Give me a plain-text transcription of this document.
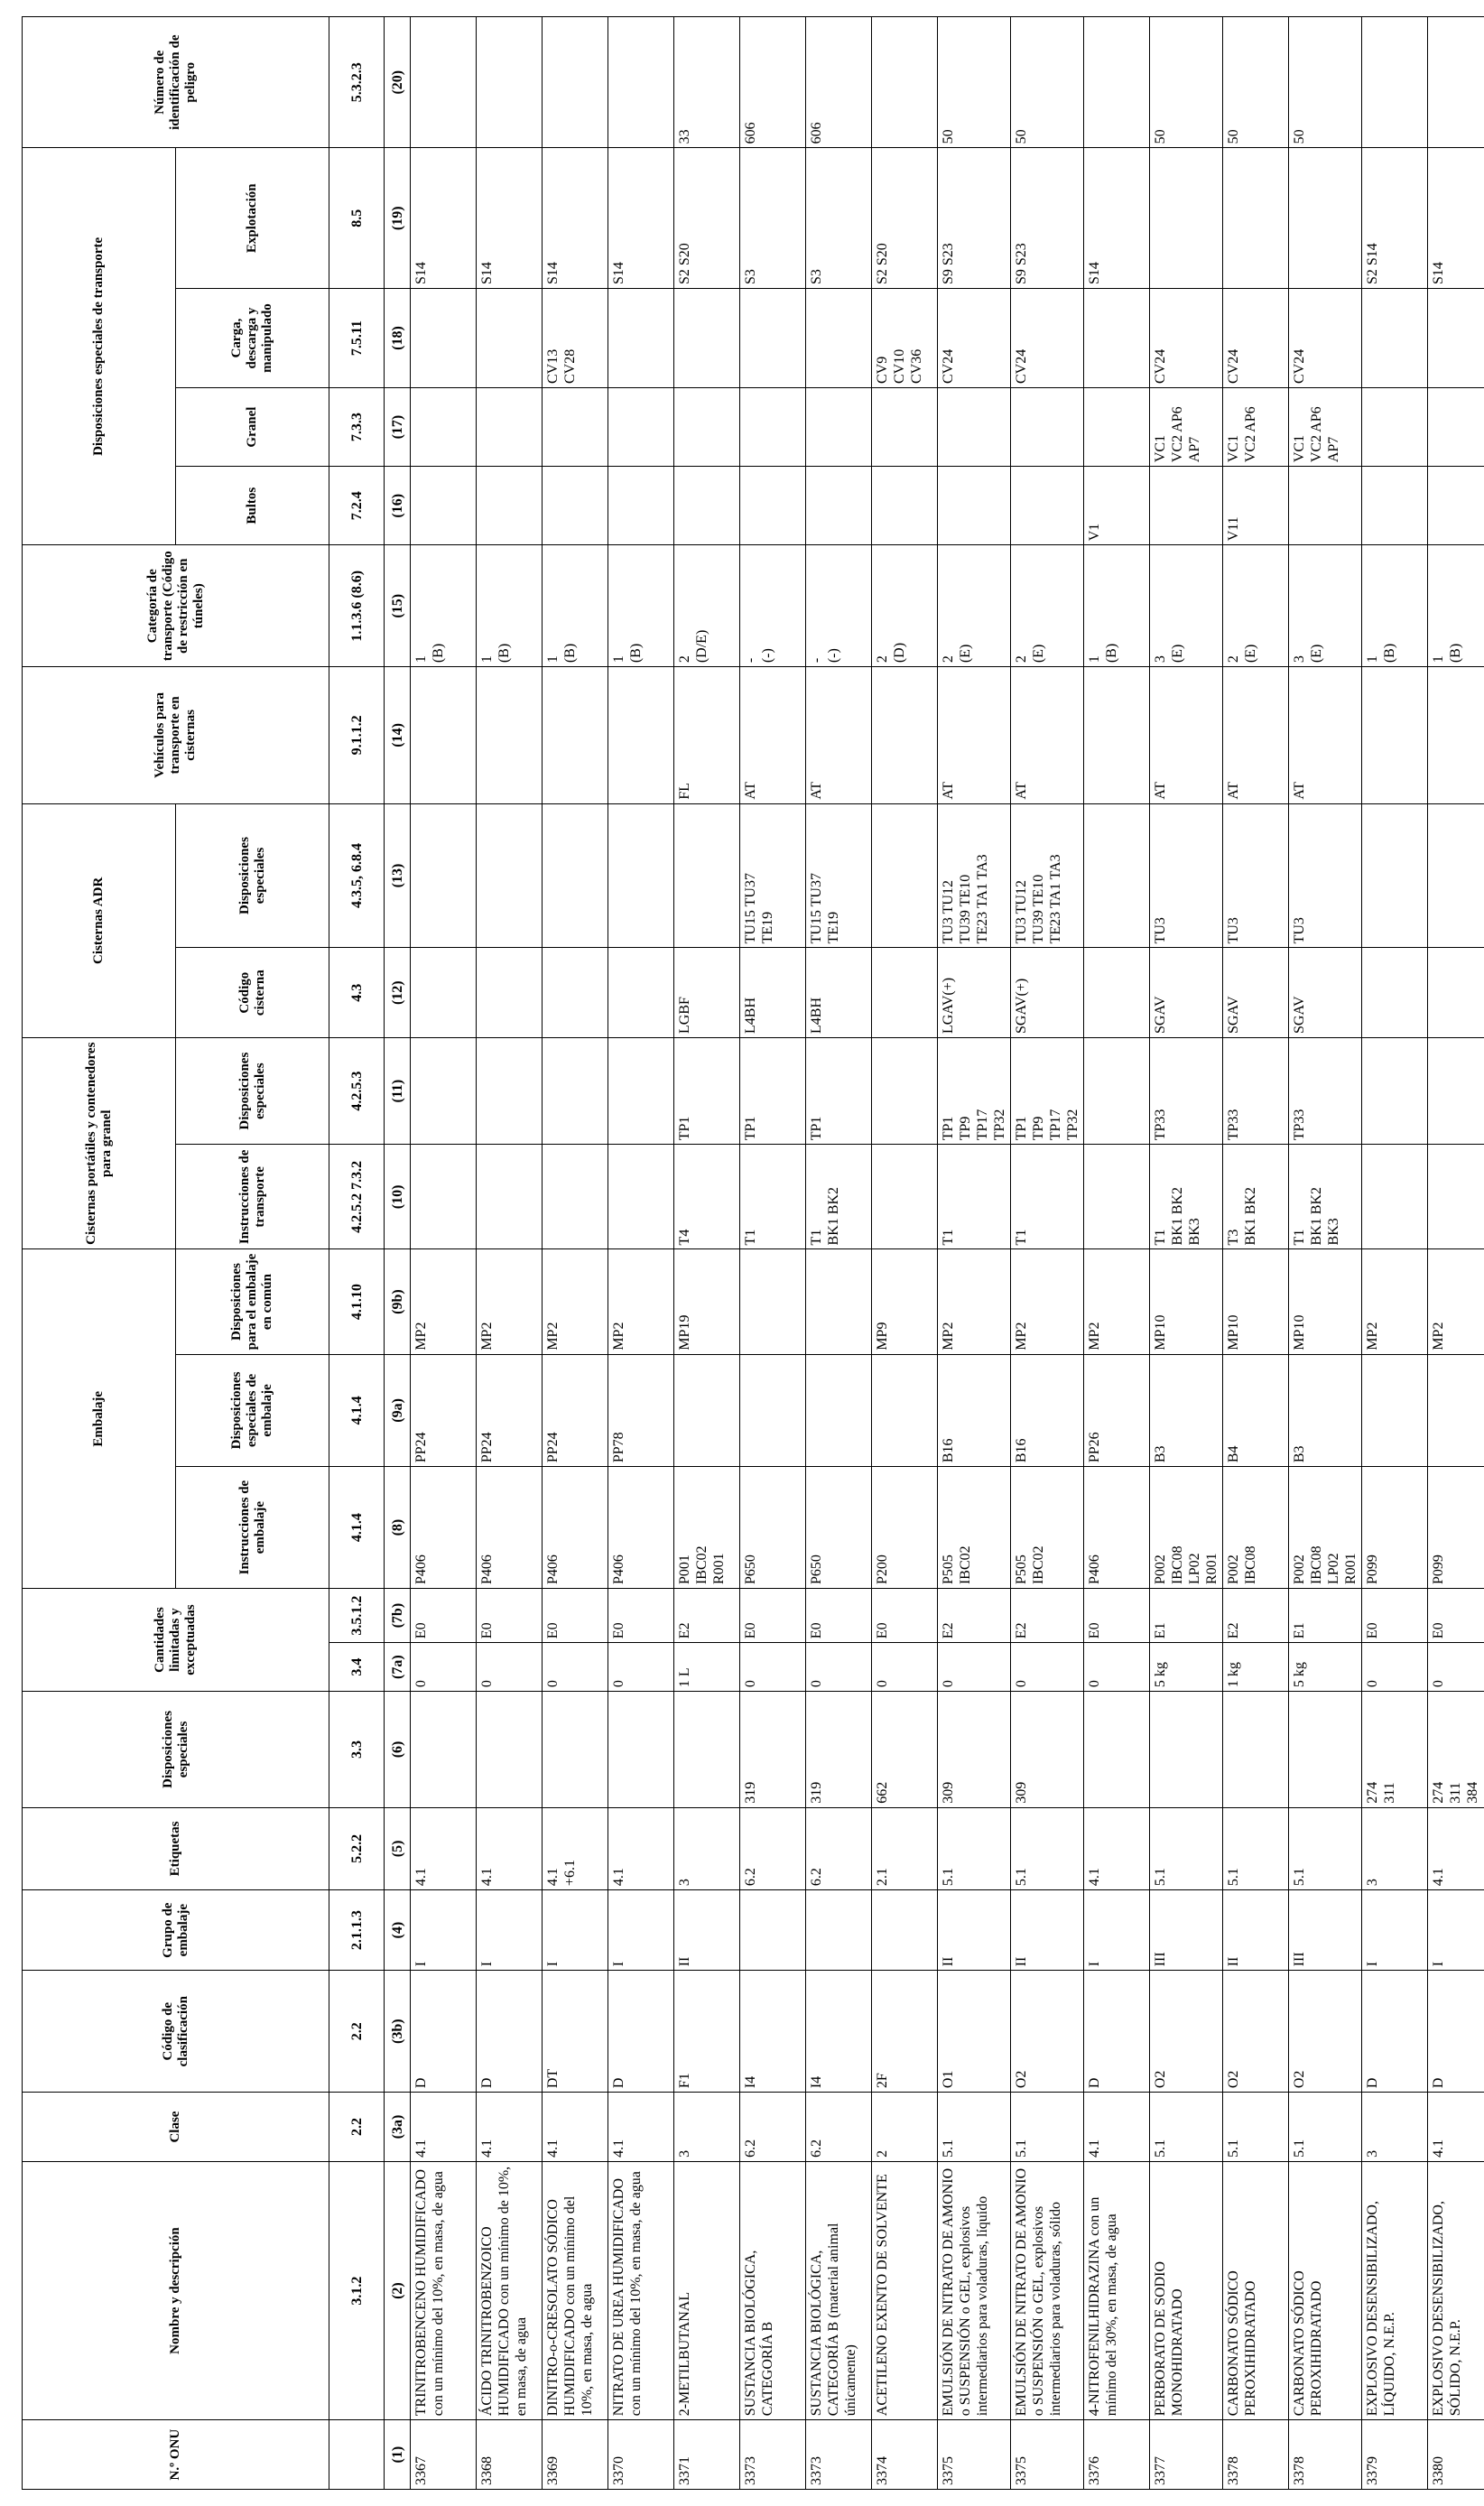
N.º ONU	Nombre y descripción	Clase	Código de clasificación	Grupo de embalaje	Etiquetas	Disposiciones especiales	Cantidades limitadas y exceptuadas		Embalaje			Cisternas portátiles y contenedores para granel		Cisternas ADR		Vehículos para transporte en cisternas	Categoría de transporte (Código de restricción en túneles)	Disposiciones especiales de transporte				Número de identificación de peligro
									Instrucciones de embalaje	Disposiciones especiales de embalaje	Disposiciones para el embalaje en común	Instrucciones de transporte	Disposiciones especiales	Código cisterna	Disposiciones especiales			Bultos	Granel	Carga, descarga y manipulado	Explotación	
	3.1.2	2.2	2.2	2.1.1.3	5.2.2	3.3	3.4	3.5.1.2	4.1.4	4.1.4	4.1.10	4.2.5.2 7.3.2	4.2.5.3	4.3	4.3.5, 6.8.4	9.1.1.2	1.1.3.6 (8.6)	7.2.4	7.3.3	7.5.11	8.5	5.3.2.3
(1)	(2)	(3a)	(3b)	(4)	(5)	(6)	(7a)	(7b)	(8)	(9a)	(9b)	(10)	(11)	(12)	(13)	(14)	(15)	(16)	(17)	(18)	(19)	(20)
3367	TRINITROBENCENO HUMIDIFICADO con un mínimo del 10%, en masa, de agua	4.1	D	I	4.1		0	E0	P406	PP24	MP2						1 (B)				S14	
3368	ÁCIDO TRINITROBENZOICO HUMIDIFICADO con un mínimo de 10%, en masa, de agua	4.1	D	I	4.1		0	E0	P406	PP24	MP2						1 (B)				S14	
3369	DINITRO-o-CRESOLATO SÓDICO HUMIDIFICADO con un mínimo del 10%, en masa, de agua	4.1	DT	I	4.1 +6.1		0	E0	P406	PP24	MP2						1 (B)			CV13 CV28	S14	
3370	NITRATO DE UREA HUMIDIFICADO con un mínimo del 10%, en masa, de agua	4.1	D	I	4.1		0	E0	P406	PP78	MP2						1 (B)				S14	
3371	2-METILBUTANAL	3	F1	II	3		1 L	E2	P001 IBC02 R001		MP19	T4	TP1	LGBF		FL	2 (D/E)				S2 S20	33
3373	SUSTANCIA BIOLÓGICA, CATEGORÍA B	6.2	I4		6.2	319	0	E0	P650			T1	TP1	L4BH	TU15 TU37 TE19	AT	- (-)				S3	606
3373	SUSTANCIA BIOLÓGICA, CATEGORÍA B (material animal únicamente)	6.2	I4		6.2	319	0	E0	P650			T1 BK1 BK2	TP1	L4BH	TU15 TU37 TE19	AT	- (-)				S3	606
3374	ACETILENO EXENTO DE SOLVENTE	2	2F		2.1	662	0	E0	P200		MP9						2 (D)			CV9 CV10 CV36	S2 S20	
3375	EMULSIÓN DE NITRATO DE AMONIO o SUSPENSIÓN o GEL, explosivos intermediarios para voladuras, líquido	5.1	O1	II	5.1	309	0	E2	P505 IBC02	B16	MP2	T1	TP1 TP9 TP17 TP32	LGAV(+)	TU3 TU12 TU39 TE10 TE23 TA1 TA3	AT	2 (E)			CV24	S9 S23	50
3375	EMULSIÓN DE NITRATO DE AMONIO o SUSPENSIÓN o GEL, explosivos intermediarios para voladuras, sólido	5.1	O2	II	5.1	309	0	E2	P505 IBC02	B16	MP2	T1	TP1 TP9 TP17 TP32	SGAV(+)	TU3 TU12 TU39 TE10 TE23 TA1 TA3	AT	2 (E)			CV24	S9 S23	50
3376	4-NITROFENILHIDRAZINA con un mínimo del 30%, en masa, de agua	4.1	D	I	4.1		0	E0	P406	PP26	MP2						1 (B)	V1			S14	
3377	PERBORATO DE SODIO MONOHIDRATADO	5.1	O2	III	5.1		5 kg	E1	P002 IBC08 LP02 R001	B3	MP10	T1 BK1 BK2 BK3	TP33	SGAV	TU3	AT	3 (E)		VC1 VC2 AP6 AP7	CV24		50
3378	CARBONATO SÓDICO PEROXIHIDRATADO	5.1	O2	II	5.1		1 kg	E2	P002 IBC08	B4	MP10	T3 BK1 BK2	TP33	SGAV	TU3	AT	2 (E)	V11	VC1 VC2 AP6	CV24		50
3378	CARBONATO SÓDICO PEROXIHIDRATADO	5.1	O2	III	5.1		5 kg	E1	P002 IBC08 LP02 R001	B3	MP10	T1 BK1 BK2 BK3	TP33	SGAV	TU3	AT	3 (E)		VC1 VC2 AP6 AP7	CV24		50
3379	EXPLOSIVO DESENSIBILIZADO, LÍQUIDO, N.E.P.	3	D	I	3	274 311	0	E0	P099		MP2						1 (B)				S2 S14	
3380	EXPLOSIVO DESENSIBILIZADO, SÓLIDO, N.E.P.	4.1	D	I	4.1	274 311 384	0	E0	P099		MP2						1 (B)				S14	
